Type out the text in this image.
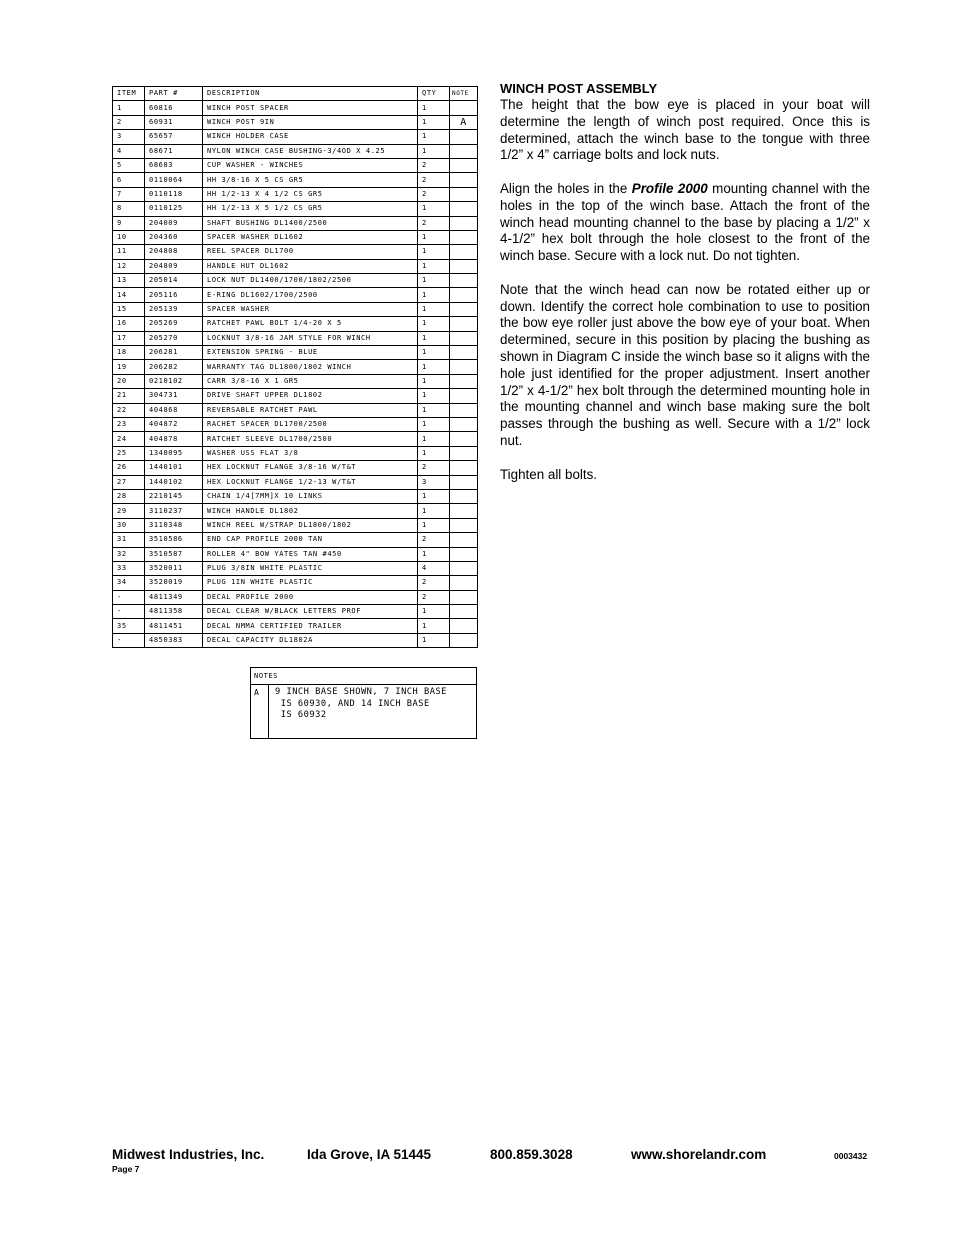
ITEM	PART #	DESCRIPTION	QTY	NOTE
1	60816	WINCH POST SPACER	1	
2	60931	WINCH POST 9IN	1	A
3	65657	WINCH HOLDER CASE	1	
4	68671	NYLON WINCH CASE BUSHING-3/4OD X 4.25	1	
5	68683	CUP WASHER - WINCHES	2	
6	0110064	HH 3/8-16 X 5 CS GR5	2	
7	0110118	HH 1/2-13 X 4 1/2 CS GR5	2	
8	0110125	HH 1/2-13 X 5 1/2 CS GR5	1	
9	204009	SHAFT BUSHING DL1400/2500	2	
10	204360	SPACER WASHER DL1602	1	
11	204808	REEL SPACER DL1700	1	
12	204809	HANDLE HUT DL1602	1	
13	205014	LOCK NUT DL1400/1700/1802/2500	1	
14	205116	E-RING DL1602/1700/2500	1	
15	205139	SPACER WASHER	1	
16	205269	RATCHET PAWL BOLT 1/4-20 X 5	1	
17	205270	LOCKNUT 3/8-16 JAM STYLE FOR WINCH	1	
18	206281	EXTENSION SPRING - BLUE	1	
19	206282	WARRANTY TAG DL1800/1802 WINCH	1	
20	0210102	CARR 3/8-16 X 1 GR5	1	
21	304731	DRIVE SHAFT UPPER DL1802	1	
22	404868	REVERSABLE RATCHET PAWL	1	
23	404872	RACHET SPACER DL1700/2500	1	
24	404878	RATCHET SLEEVE DL1700/2500	1	
25	1340095	WASHER USS FLAT 3/8	1	
26	1440101	HEX LOCKNUT FLANGE 3/8-16 W/T&T	2	
27	1440102	HEX LOCKNUT FLANGE 1/2-13 W/T&T	3	
28	2210145	CHAIN 1/4[7MM]X 10 LINKS	1	
29	3110237	WINCH HANDLE DL1802	1	
30	3110348	WINCH REEL W/STRAP DL1800/1802	1	
31	3510586	END CAP PROFILE 2000 TAN	2	
32	3510587	ROLLER 4" BOW YATES TAN #450	1	
33	3520011	PLUG 3/8IN WHITE PLASTIC	4	
34	3520019	PLUG 1IN WHITE PLASTIC	2	
-	4811349	DECAL PROFILE 2000	2	
-	4811358	DECAL CLEAR W/BLACK LETTERS PROF	1	
35	4811451	DECAL NMMA CERTIFIED TRAILER	1	
-	4850383	DECAL CAPACITY DL1802A	1	
NOTES
A	9 INCH BASE SHOWN, 7 INCH BASE
IS 60930, AND 14 INCH BASE
IS 60932
WINCH POST ASSEMBLY

The height that the bow eye is placed in your boat will determine the length of winch post required. Once this is determined, attach the winch base to the tongue with three 1/2” x 4” carriage bolts and lock nuts.

Align the holes in the Profile 2000 mounting channel with the holes in the top of the winch base. Attach the front of the winch head mounting channel to the base by placing a 1/2” x 4-1/2” hex bolt through the hole closest to the front of the winch base. Secure with a lock nut. Do not tighten.

Note that the winch head can now be rotated either up or down. Identify the correct hole combination to use to position the bow eye roller just above the bow eye of your boat. When determined, secure in this position by placing the bushing as shown in Diagram C inside the winch base so it aligns with the hole just identified for the proper adjustment. Insert another 1/2” x 4-1/2” hex bolt through the determined mounting hole in the mounting channel and winch base making sure the bolt passes through the bushing as well. Secure with a 1/2” lock nut.

Tighten all bolts.

Midwest Industries, Inc.	Ida Grove, IA 51445	800.859.3028	www.shorelandr.com	0003432
Page 7
